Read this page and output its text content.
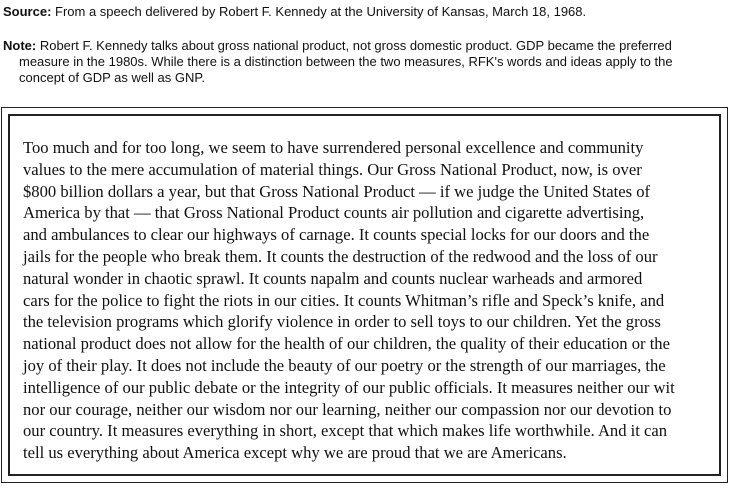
Source: From a speech delivered by Robert F. Kennedy at the University of Kansas, March 18, 1968.
Note: Robert F. Kennedy talks about gross national product, not gross domestic product. GDP became the preferred measure in the 1980s. While there is a distinction between the two measures, RFK's words and ideas apply to the concept of GDP as well as GNP.

Too much and for too long, we seem to have surrendered personal excellence and community
values to the mere accumulation of material things. Our Gross National Product, now, is over
$800 billion dollars a year, but that Gross National Product — if we judge the United States of
America by that — that Gross National Product counts air pollution and cigarette advertising,
and ambulances to clear our highways of carnage. It counts special locks for our doors and the
jails for the people who break them. It counts the destruction of the redwood and the loss of our
natural wonder in chaotic sprawl. It counts napalm and counts nuclear warheads and armored
cars for the police to fight the riots in our cities. It counts Whitman’s rifle and Speck’s knife, and
the television programs which glorify violence in order to sell toys to our children. Yet the gross
national product does not allow for the health of our children, the quality of their education or the
joy of their play. It does not include the beauty of our poetry or the strength of our marriages, the
intelligence of our public debate or the integrity of our public officials. It measures neither our wit
nor our courage, neither our wisdom nor our learning, neither our compassion nor our devotion to
our country. It measures everything in short, except that which makes life worthwhile. And it can
tell us everything about America except why we are proud that we are Americans.
